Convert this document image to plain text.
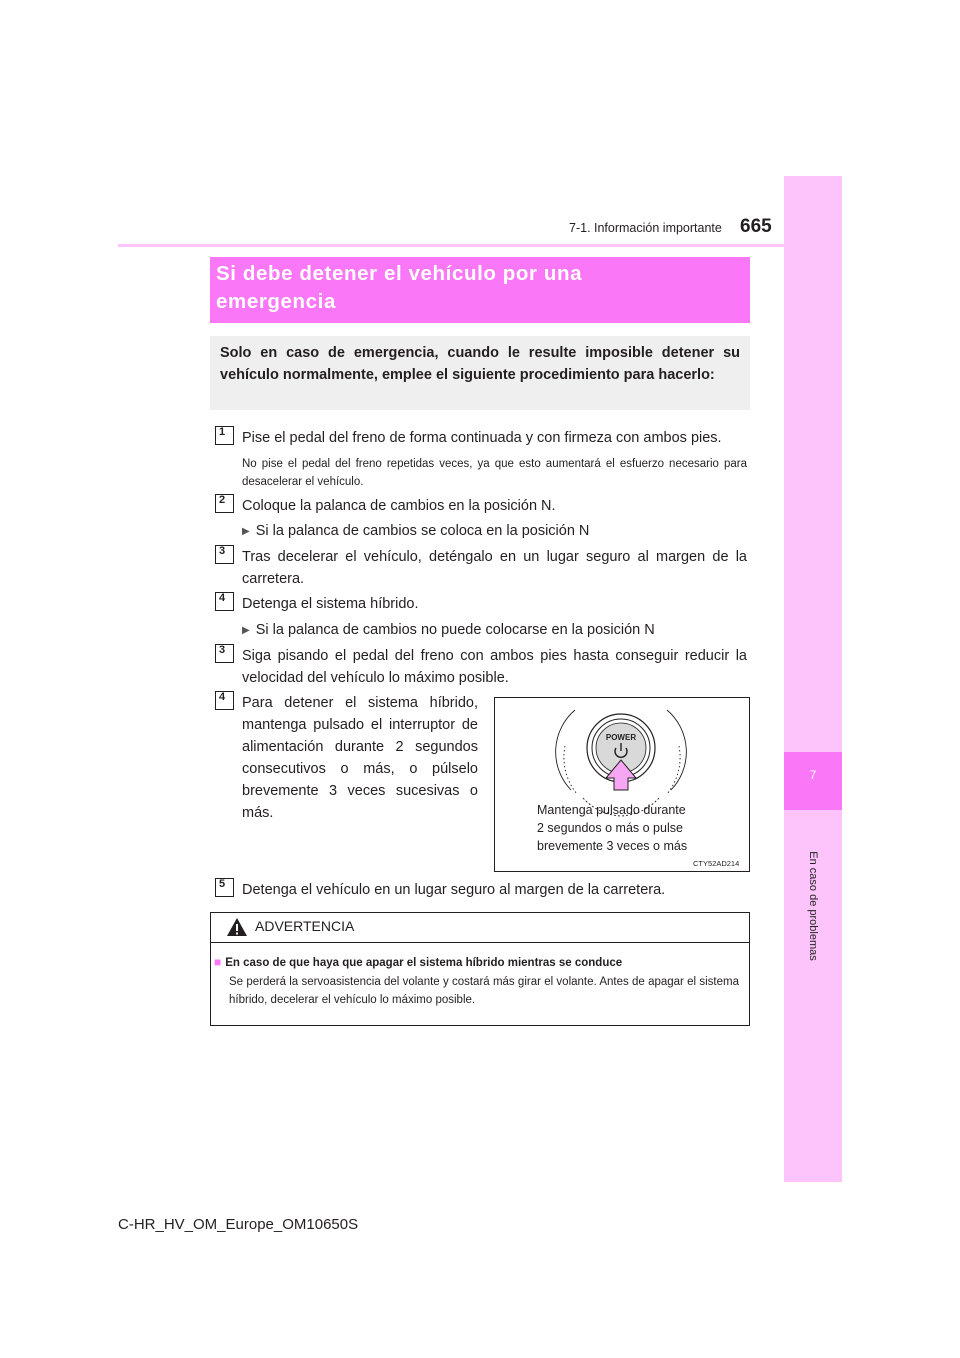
7
En caso de problemas
7-1. Información importante 665
Si debe detener el vehículo por una
emergencia

Solo en caso de emergencia, cuando le resulte imposible detener su vehículo normalmente, emplee el siguiente procedimiento para hacerlo:

1	Pise el pedal del freno de forma continuada y con firmeza con ambos pies.
No pise el pedal del freno repetidas veces, ya que esto aumentará el esfuerzo necesario para desacelerar el vehículo.
2	Coloque la palanca de cambios en la posición N.
▶ Si la palanca de cambios se coloca en la posición N
3	Tras decelerar el vehículo, deténgalo en un lugar seguro al margen de la carretera.
4	Detenga el sistema híbrido.
▶ Si la palanca de cambios no puede colocarse en la posición N
3	Siga pisando el pedal del freno con ambos pies hasta conseguir reducir la velocidad del vehículo lo máximo posible.
4	Para detener el sistema híbrido,
mantenga pulsado el interruptor de
alimentación durante 2 segundos
consecutivos o más, o púlselo
brevemente 3 veces sucesivas o
más.
POWER
Mantenga pulsado durante
2 segundos o más o pulse
brevemente 3 veces o más
CTY52AD214
5	Detenga el vehículo en un lugar seguro al margen de la carretera.
ADVERTENCIA
■ En caso de que haya que apagar el sistema híbrido mientras se conduce
Se perderá la servoasistencia del volante y costará más girar el volante. Antes de apagar el sistema híbrido, decelerar el vehículo lo máximo posible.
C-HR_HV_OM_Europe_OM10650S
